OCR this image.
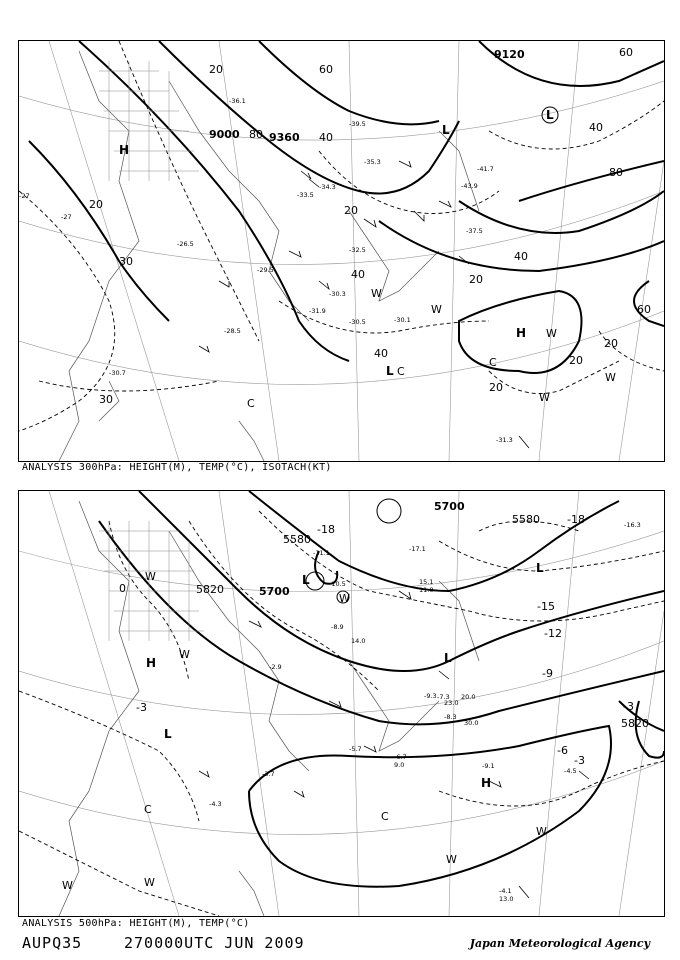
9000
9120
9360
20	60
80	40
20
30
40
20
40
20
40
20
20
20
40
80
60
30
60
H
L
L
H
L C
C
C
W
W
W
W
W
-27
-27
-31.9
-30.3
-30.1
-28.5
-30.7
-31.3
-26.5
-36.1
-37.5
-35.3
-41.7
-33.5
-34.3
-32.5
-29.5
-43.9
-39.5
-30.5
ANALYSIS 300hPa: HEIGHT(M), TEMP(°C), ISOTACH(KT)
5700
5700
5580
5820
5580
5820
-18
-15
-12
-9
-6
-3
0
-3
-18
-3
H
L
L
L
H
L
C
C
W
W
W
W
W
W	W
-16.3
-17.1
-11.1
-10.5
-8.9
-9.3
-6.7
-5.7
-4.3
-8.3
-9.1
-4.1
15.1
11.0
14.0
23.0
20.0
30.0
9.0
13.0
-2.9
-4.5
-3.7
-7.3
ANALYSIS 500hPa: HEIGHT(M), TEMP(°C)
AUPQ35	270000UTC JUN 2009	Japan Meteorological Agency
